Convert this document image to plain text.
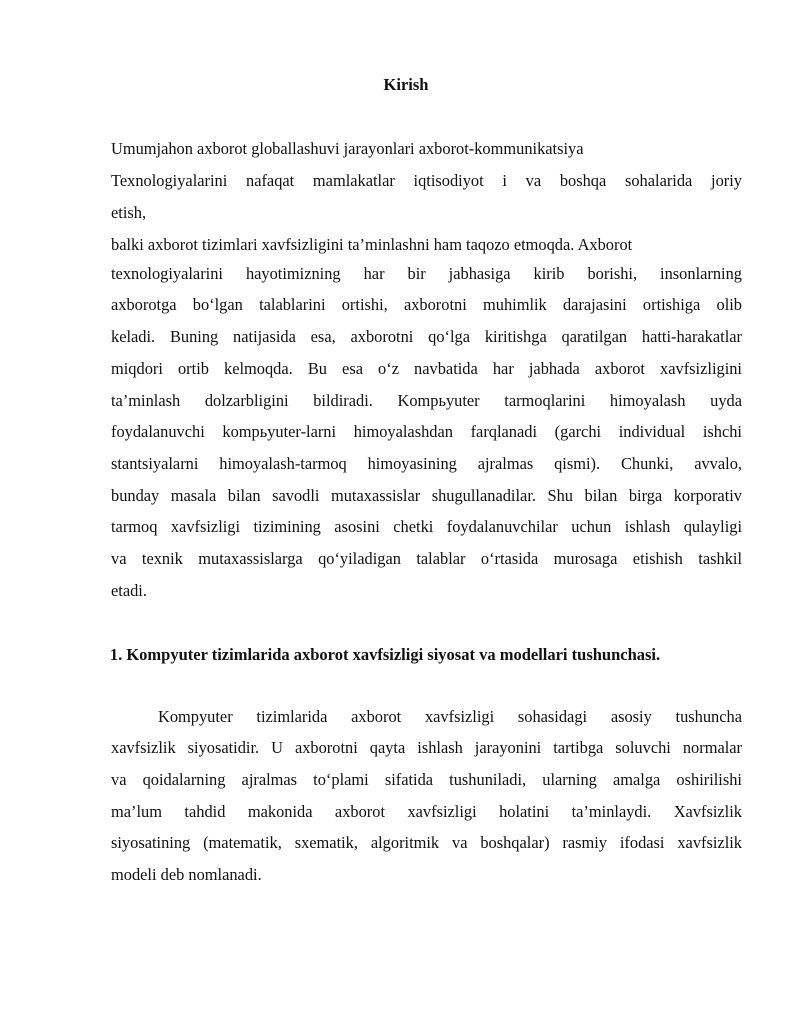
Kirish
Umumjahon axborot globallashuvi jarayonlari axborot-kommunikatsiya
Texnologiyalarini nafaqat mamlakatlar iqtisodiyot i va boshqa sohalarida joriy
etish,
balki axborot tizimlari xavfsizligini ta’minlashni ham taqozo etmoqda. Axborot
texnologiyalarini hayotimizning har bir jabhasiga kirib borishi, insonlarning
axborotga bo‘lgan talablarini ortishi, axborotni muhimlik darajasini ortishiga olib
keladi. Buning natijasida esa, axborotni qo‘lga kiritishga qaratilgan hatti-harakatlar
miqdori ortib kelmoqda. Bu esa o‘z navbatida har jabhada axborot xavfsizligini
ta’minlash dolzarbligini bildiradi. Kompьyuter tarmoqlarini himoyalash uyda
foydalanuvchi kompьyuter-larni himoyalashdan farqlanadi (garchi individual ishchi
stantsiyalarni himoyalash-tarmoq himoyasining ajralmas qismi). Chunki, avvalo,
bunday masala bilan savodli mutaxassislar shugullanadilar. Shu bilan birga korporativ
tarmoq xavfsizligi tizimining asosini chetki foydalanuvchilar uchun ishlash qulayligi
va texnik mutaxassislarga qo‘yiladigan talablar o‘rtasida murosaga etishish tashkil
etadi.
1. Kompyuter tizimlarida axborot xavfsizligi siyosat va modellari tushunchasi.
Kompyuter tizimlarida axborot xavfsizligi sohasidagi asosiy tushuncha
xavfsizlik siyosatidir. U axborotni qayta ishlash jarayonini tartibga soluvchi normalar
va qoidalarning ajralmas to‘plami sifatida tushuniladi, ularning amalga oshirilishi
ma’lum tahdid makonida axborot xavfsizligi holatini ta’minlaydi. Xavfsizlik
siyosatining (matematik, sxematik, algoritmik va boshqalar) rasmiy ifodasi xavfsizlik
modeli deb nomlanadi.
